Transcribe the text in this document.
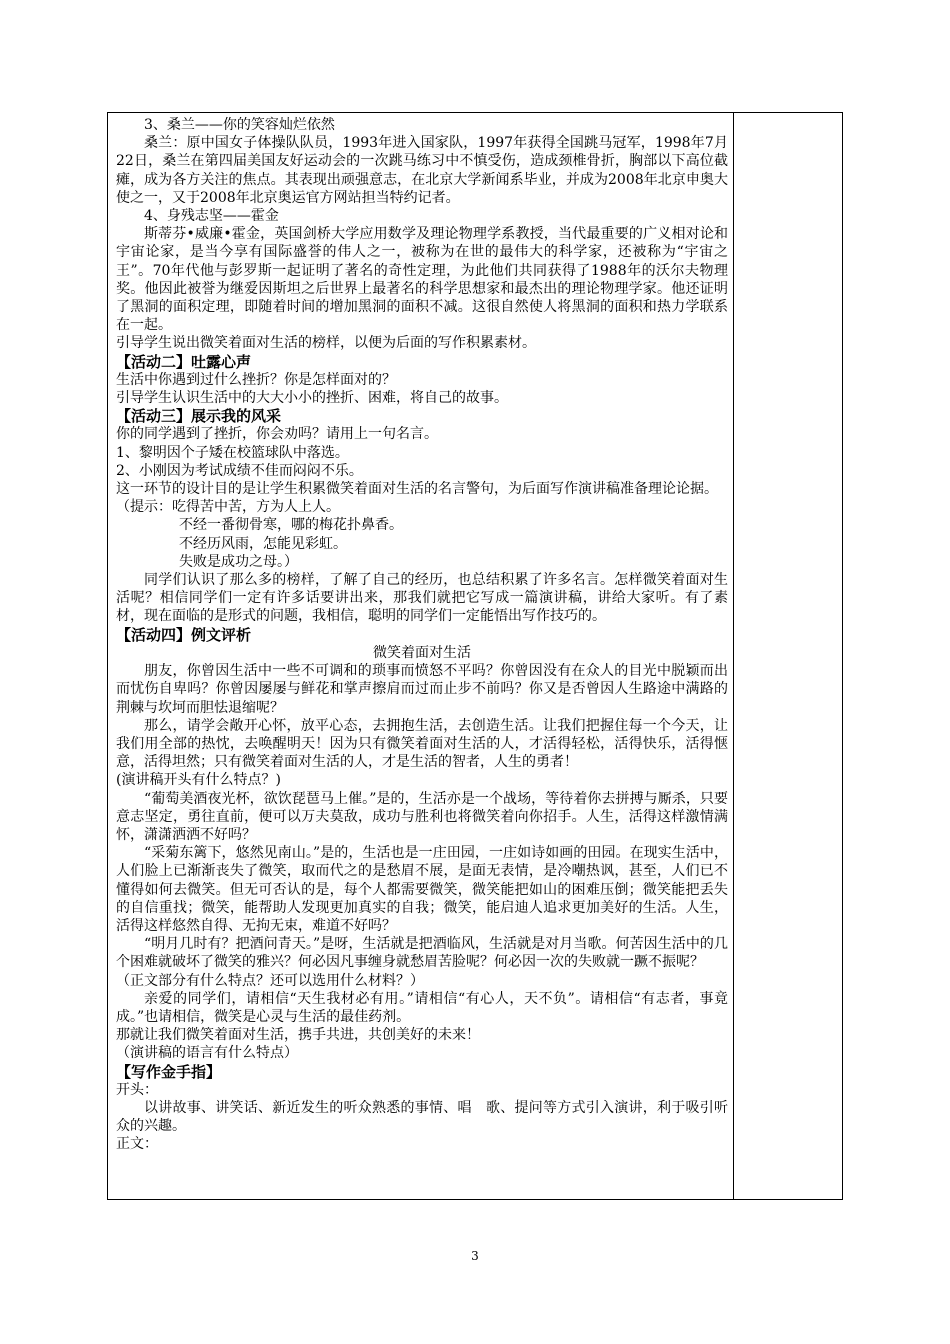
3、桑兰——你的笑容灿烂依然

桑兰：原中国女子体操队队员，1993年进入国家队，1997年获得全国跳马冠军，1998年7月22日，桑兰在第四届美国友好运动会的一次跳马练习中不慎受伤，造成颈椎骨折，胸部以下高位截瘫，成为各方关注的焦点。其表现出顽强意志，在北京大学新闻系毕业，并成为2008年北京申奥大使之一，又于2008年北京奥运官方网站担当特约记者。

4、身残志坚——霍金

斯蒂芬•威廉•霍金，英国剑桥大学应用数学及理论物理学系教授，当代最重要的广义相对论和宇宙论家，是当今享有国际盛誉的伟人之一，被称为在世的最伟大的科学家，还被称为“宇宙之王”。70年代他与彭罗斯一起证明了著名的奇性定理，为此他们共同获得了1988年的沃尔夫物理奖。他因此被誉为继爱因斯坦之后世界上最著名的科学思想家和最杰出的理论物理学家。他还证明了黑洞的面积定理，即随着时间的增加黑洞的面积不减。这很自然使人将黑洞的面积和热力学联系在一起。

引导学生说出微笑着面对生活的榜样，以便为后面的写作积累素材。

【活动二】吐露心声

生活中你遇到过什么挫折？你是怎样面对的？

引导学生认识生活中的大大小小的挫折、困难，将自己的故事。

【活动三】展示我的风采

你的同学遇到了挫折，你会劝吗？请用上一句名言。

1、黎明因个子矮在校篮球队中落选。

2、小刚因为考试成绩不佳而闷闷不乐。

这一环节的设计目的是让学生积累微笑着面对生活的名言警句，为后面写作演讲稿准备理论论据。

（提示：吃得苦中苦，方为人上人。

不经一番彻骨寒，哪的梅花扑鼻香。

不经历风雨，怎能见彩虹。

失败是成功之母。）

同学们认识了那么多的榜样，了解了自己的经历，也总结积累了许多名言。怎样微笑着面对生活呢？相信同学们一定有许多话要讲出来，那我们就把它写成一篇演讲稿，讲给大家听。有了素材，现在面临的是形式的问题，我相信，聪明的同学们一定能悟出写作技巧的。

【活动四】例文评析

微笑着面对生活

朋友，你曾因生活中一些不可调和的琐事而愤怒不平吗？你曾因没有在众人的目光中脱颖而出而忧伤自卑吗？你曾因屡屡与鲜花和掌声擦肩而过而止步不前吗？你又是否曾因人生路途中满路的荆棘与坎坷而胆怯退缩呢？

那么，请学会敞开心怀，放平心态，去拥抱生活，去创造生活。让我们把握住每一个今天，让我们用全部的热忱，去唤醒明天！因为只有微笑着面对生活的人，才活得轻松，活得快乐，活得惬意，活得坦然；只有微笑着面对生活的人，才是生活的智者，人生的勇者！

(演讲稿开头有什么特点？)

“葡萄美酒夜光杯，欲饮琵琶马上催。”是的，生活亦是一个战场，等待着你去拼搏与厮杀，只要意志坚定，勇往直前，便可以万夫莫敌，成功与胜利也将微笑着向你招手。人生，活得这样激情满怀，潇潇洒洒不好吗？

“采菊东篱下，悠然见南山。”是的，生活也是一庄田园，一庄如诗如画的田园。在现实生活中，人们脸上已渐渐丧失了微笑，取而代之的是愁眉不展，是面无表情，是冷嘲热讽，甚至，人们已不懂得如何去微笑。但无可否认的是，每个人都需要微笑，微笑能把如山的困难压倒；微笑能把丢失的自信重找；微笑，能帮助人发现更加真实的自我；微笑，能启迪人追求更加美好的生活。人生，活得这样悠然自得、无拘无束，难道不好吗？

“明月几时有？把酒问青天。”是呀，生活就是把酒临风，生活就是对月当歌。何苦因生活中的几个困难就破坏了微笑的雅兴？何必因凡事缠身就愁眉苦脸呢？何必因一次的失败就一蹶不振呢？

（正文部分有什么特点？还可以选用什么材料？）

亲爱的同学们，请相信“天生我材必有用。”请相信“有心人，天不负”。请相信“有志者，事竟成。”也请相信，微笑是心灵与生活的最佳药剂。

那就让我们微笑着面对生活，携手共进，共创美好的未来！

（演讲稿的语言有什么特点）

【写作金手指】

开头：

以讲故事、讲笑话、新近发生的听众熟悉的事情、唱　歌、提问等方式引入演讲，利于吸引听众的兴趣。

正文：

3
